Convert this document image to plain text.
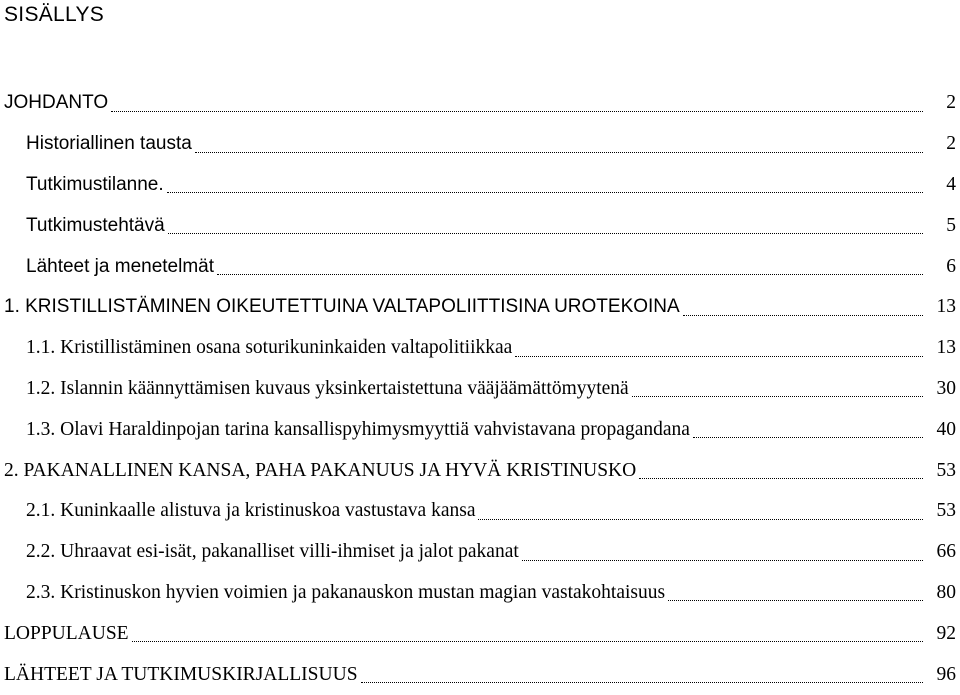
SISÄLLYS
JOHDANTO	2
Historiallinen tausta	2
Tutkimustilanne.	4
Tutkimustehtävä	5
Lähteet ja menetelmät	6
1. KRISTILLISTÄMINEN OIKEUTETTUINA VALTAPOLIITTISINA UROTEKOINA	13
1.1. Kristillistäminen osana soturikuninkaiden valtapolitiikkaa	13
1.2. Islannin käännyttämisen kuvaus yksinkertaistettuna vääjäämättömyytenä	30
1.3. Olavi Haraldinpojan tarina kansallispyhimysmyyttiä vahvistavana propagandana	40
2. PAKANALLINEN KANSA, PAHA PAKANUUS JA HYVÄ KRISTINUSKO	53
2.1. Kuninkaalle alistuva ja kristinuskoa vastustava kansa	53
2.2. Uhraavat esi-isät, pakanalliset villi-ihmiset ja jalot pakanat	66
2.3. Kristinuskon hyvien voimien ja pakanauskon mustan magian vastakohtaisuus	80
LOPPULAUSE	92
LÄHTEET JA TUTKIMUSKIRJALLISUUS	96
